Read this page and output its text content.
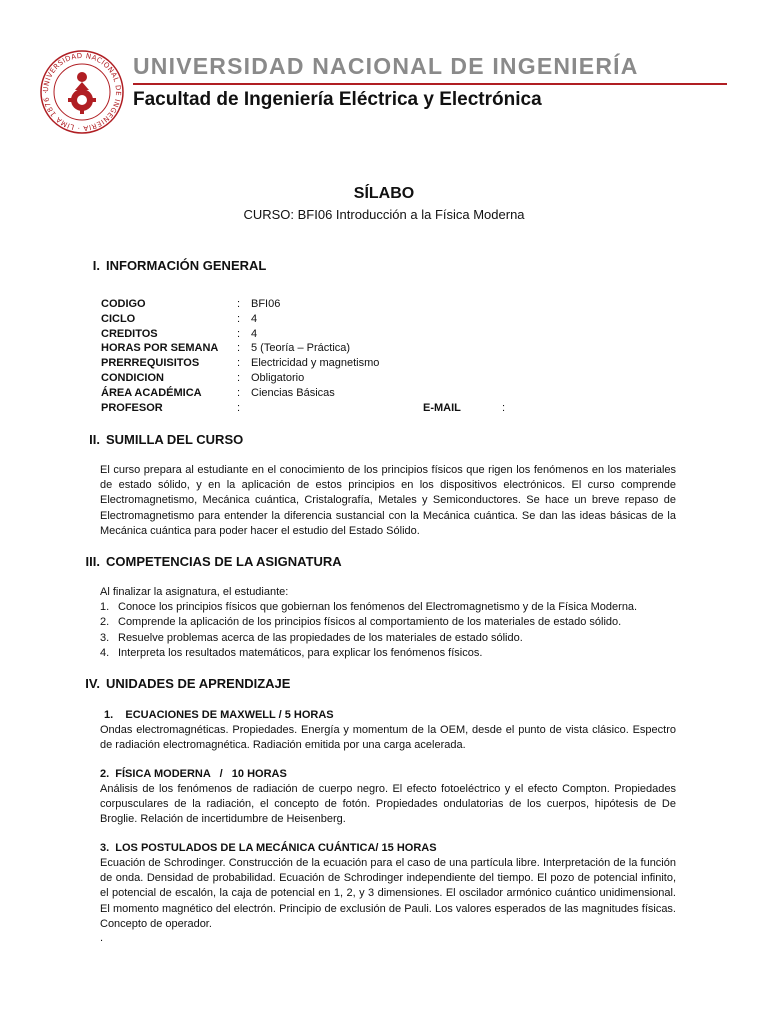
UNIVERSIDAD NACIONAL DE INGENIERIA · LIMA 1876 ·
UNIVERSIDAD NACIONAL DE INGENIERÍA
Facultad de Ingeniería Eléctrica y Electrónica
SÍLABO
CURSO: BFI06 Introducción a la Física Moderna
I. INFORMACIÓN GENERAL
CODIGO	: BFI06
CICLO	: 4
CREDITOS	: 4
HORAS POR SEMANA : 5 (Teoría – Práctica)
PRERREQUISITOS	: Electricidad y magnetismo
CONDICION	: Obligatorio
ÁREA ACADÉMICA	: Ciencias Básicas
PROFESOR	:	E-MAIL	:
II. SUMILLA DEL CURSO

El curso prepara al estudiante en el conocimiento de los principios físicos que rigen los fenómenos en los materiales de estado sólido, y en la aplicación de estos principios en los dispositivos electrónicos. El curso comprende Electromagnetismo, Mecánica cuántica, Cristalografía, Metales y Semiconductores. Se hace un breve repaso de Electromagnetismo para entender la diferencia sustancial con la Mecánica cuántica. Se dan las ideas básicas de la Mecánica cuántica para poder hacer el estudio del Estado Sólido.

III. COMPETENCIAS DE LA ASIGNATURA
Al finalizar la asignatura, el estudiante:
1. Conoce los principios físicos que gobiernan los fenómenos del Electromagnetismo y de la Física Moderna.
2. Comprende la aplicación de los principios físicos al comportamiento de los materiales de estado sólido.
3. Resuelve problemas acerca de las propiedades de los materiales de estado sólido.
4. Interpreta los resultados matemáticos, para explicar los fenómenos físicos.
IV. UNIDADES DE APRENDIZAJE
1.    ECUACIONES DE MAXWELL / 5 HORAS

Ondas electromagnéticas. Propiedades. Energía y momentum de la OEM, desde el punto de vista clásico. Espectro de radiación electromagnética. Radiación emitida por una carga acelerada.

2.  FÍSICA MODERNA   /   10 HORAS

Análisis de los fenómenos de radiación de cuerpo negro. El efecto fotoeléctrico y el efecto Compton. Propiedades corpusculares de la radiación, el concepto de fotón. Propiedades ondulatorias de los cuerpos, hipótesis de De Broglie. Relación de incertidumbre de Heisenberg.

3.  LOS POSTULADOS DE LA MECÁNICA CUÁNTICA/ 15 HORAS

Ecuación de Schrodinger. Construcción de la ecuación para el caso de una partícula libre. Interpretación de la función de onda. Densidad de probabilidad. Ecuación de Schrodinger independiente del tiempo. El pozo de potencial infinito, el potencial de escalón, la caja de potencial en 1, 2, y 3 dimensiones. El oscilador armónico cuántico unidimensional. El momento magnético del electrón. Principio de exclusión de Pauli. Los valores esperados de las magnitudes físicas. Concepto de operador.

.
